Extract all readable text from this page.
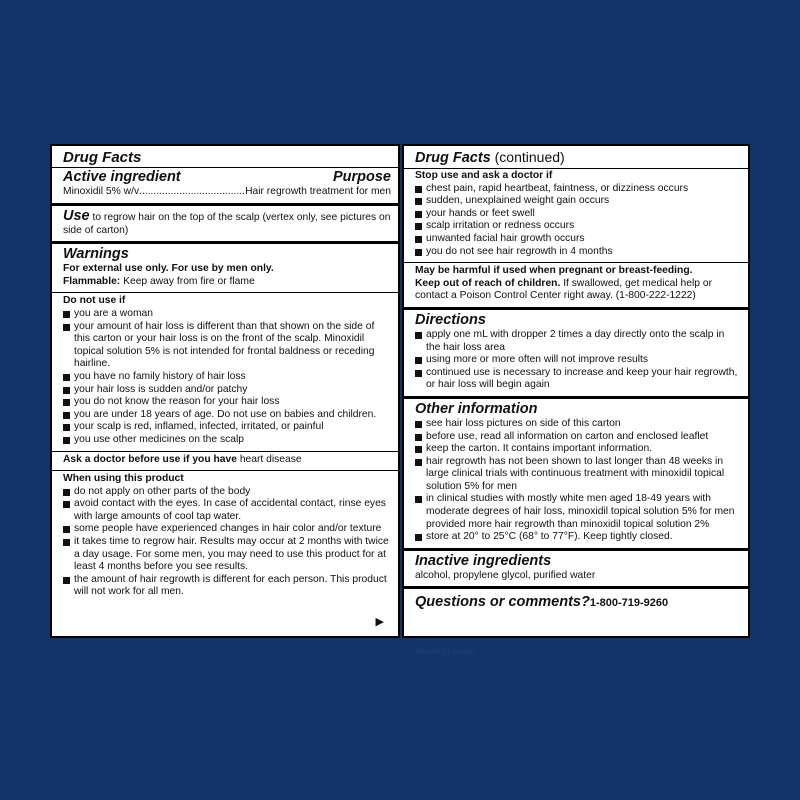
Drug Facts
Active ingredient	Purpose
Minoxidil 5% w/v
.....	Hair regrowth treatment for men
Use to regrow hair on the top of the scalp (vertex only, see pictures on side of carton)
Warnings
For external use only. For use by men only.
Flammable: Keep away from fire or flame
Do not use if
you are a woman
your amount of hair loss is different than that shown on the side of this carton or your hair loss is on the front of the scalp. Minoxidil topical solution 5% is not intended for frontal baldness or receding hairline.
you have no family history of hair loss
your hair loss is sudden and/or patchy
you do not know the reason for your hair loss
you are under 18 years of age. Do not use on babies and children.
your scalp is red, inflamed, infected, irritated, or painful
you use other medicines on the scalp
Ask a doctor before use if you have heart disease
When using this product
do not apply on other parts of the body
avoid contact with the eyes. In case of accidental contact, rinse eyes with large amounts of cool tap water.
some people have experienced changes in hair color and/or texture
it takes time to regrow hair. Results may occur at 2 months with twice a day usage. For some men, you may need to use this product for at least 4 months before you see results.
the amount of hair regrowth is different for each person. This product will not work for all men.
▶
Drug Facts (continued)
Stop use and ask a doctor if
chest pain, rapid heartbeat, faintness, or dizziness occurs
sudden, unexplained weight gain occurs
your hands or feet swell
scalp irritation or redness occurs
unwanted facial hair growth occurs
you do not see hair regrowth in 4 months
May be harmful if used when pregnant or breast-feeding.
Keep out of reach of children. If swallowed, get medical help or contact a Poison Control Center right away. (1-800-222-1222)
Directions
apply one mL with dropper 2 times a day directly onto the scalp in the hair loss area
using more or more often will not improve results
continued use is necessary to increase and keep your hair regrowth, or hair loss will begin again
Other information
see hair loss pictures on side of this carton
before use, read all information on carton and enclosed leaflet
keep the carton. It contains important information.
hair regrowth has not been shown to last longer than 48 weeks in large clinical trials with continuous treatment with minoxidil topical solution 5% for men
in clinical studies with mostly white men aged 18-49 years with moderate degrees of hair loss, minoxidil topical solution 5% for men provided more hair regrowth than minoxidil topical solution 2%
store at 20° to 25°C (68° to 77°F). Keep tightly closed.
Inactive ingredients
alcohol, propylene glycol, purified water
Questions or comments?1-800-719-9260
Made in Israel
